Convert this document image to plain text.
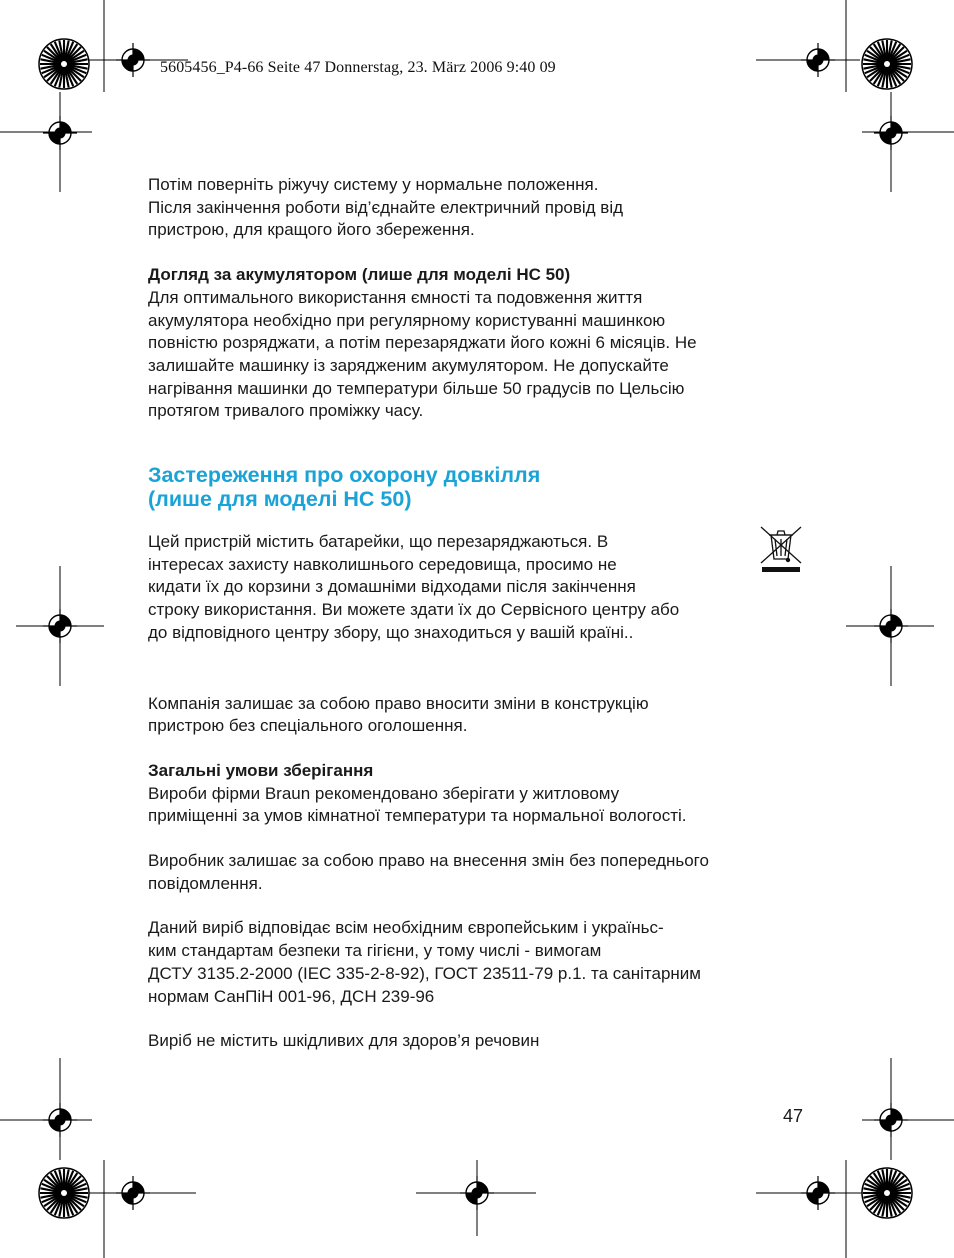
5605456_P4-66 Seite 47 Donnerstag, 23. März 2006 9:40 09

Потім поверніть ріжучу систему у нормальне положення.

Після закінчення роботи від’єднайте електричний провід від

пристрою, для кращого його збереження.

Догляд за акумулятором (лише для моделі HC 50)

Для оптимального використання ємності та подовження життя

акумулятора необхідно при регулярному користуванні машинкою

повністю розряджати, а потім перезаряджати його кожні 6 місяців. Не

залишайте машинку із зарядженим акумулятором. Не допускайте

нагрівання машинки до температури більше 50 градусів по Цельсію

протягом тривалого проміжку часу.

Застереження про охорону довкілля
(лише для моделі HC 50)

Цей пристрій містить батарейки, що перезаряджаються. В

інтересах захисту навколишнього середовища, просимо не

кидати їх до корзини з домашніми відходами після закінчення

строку використання. Ви можете здати їх до Сервісного центру або

до відповідного центру збору, що знаходиться у вашій країні..

Компанія залишає за собою право вносити зміни в конструкцію

пристрою без спеціального оголошення.

Загальні умови зберігання

Вироби фірми Braun рекомендовано зберігати у житловому

приміщенні за умов кімнатної температури та нормальної вологості.

Виробник залишає за собою право на внесення змін без попереднього

повідомлення.

Даний виріб відповідає всім необхідним європейським і україньс-

ким стандартам безпеки та гігієни, у тому числі - вимогам

ДСТУ 3135.2-2000 (IEC 335-2-8-92), ГОСТ 23511-79 р.1. та санітарним

нормам СанПіН 001-96, ДСН 239-96

Виріб не містить шкідливих для здоров’я речовин

47
